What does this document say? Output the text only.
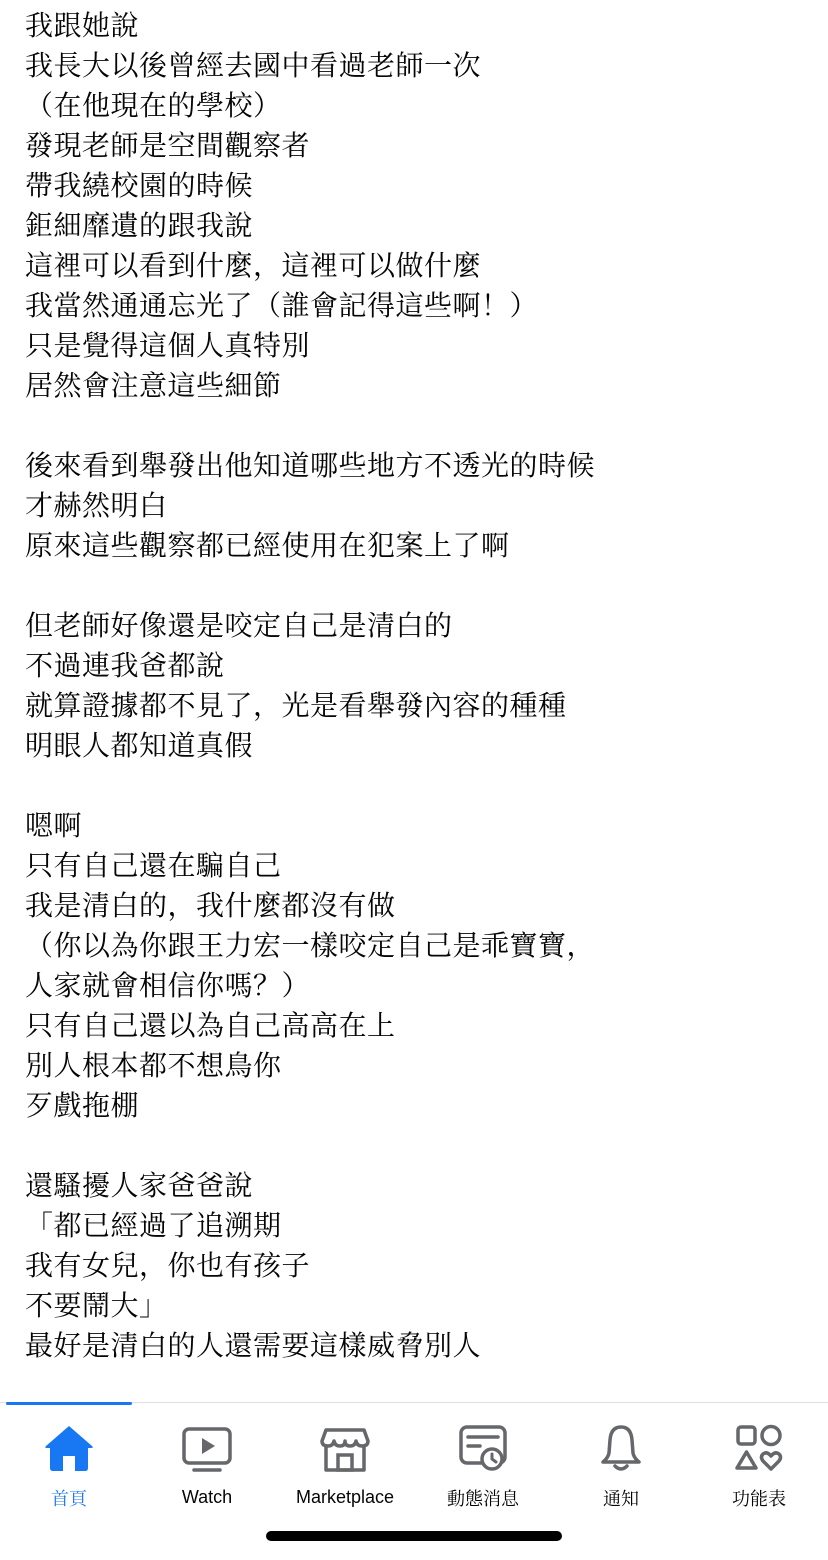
我跟她說
我長大以後曾經去國中看過老師一次
（在他現在的學校）
發現老師是空間觀察者
帶我繞校園的時候
鉅細靡遺的跟我說
這裡可以看到什麼，這裡可以做什麼
我當然通通忘光了（誰會記得這些啊！）
只是覺得這個人真特別
居然會注意這些細節
後來看到舉發出他知道哪些地方不透光的時候
才赫然明白
原來這些觀察都已經使用在犯案上了啊
但老師好像還是咬定自己是清白的
不過連我爸都說
就算證據都不見了，光是看舉發內容的種種
明眼人都知道真假
嗯啊
只有自己還在騙自己
我是清白的，我什麼都沒有做
（你以為你跟王力宏一樣咬定自己是乖寶寶，
人家就會相信你嗎？）
只有自己還以為自己高高在上
別人根本都不想鳥你
歹戲拖棚
還騷擾人家爸爸說
「都已經過了追溯期
我有女兒，你也有孩子
不要鬧大」
最好是清白的人還需要這樣威脅別人
首頁	Watch	Marketplace	動態消息	通知	功能表
